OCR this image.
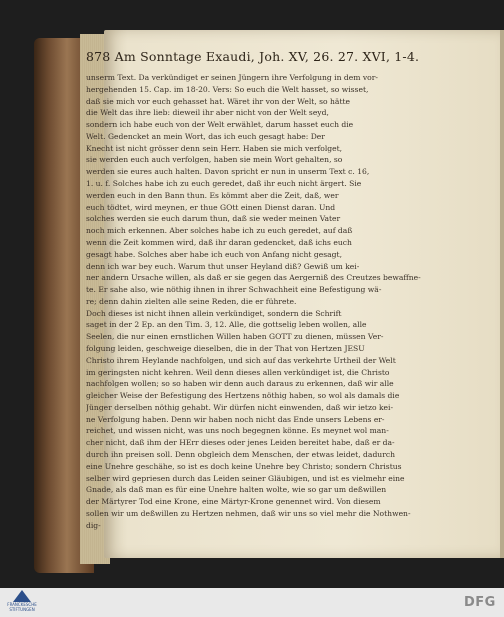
878 Am Sonntage Exaudi, Joh. XV, 26. 27. XVI, 1-4.
unserm Text. Da verkündiget er seinen Jüngern ihre Verfolgung in dem vor-
hergehenden 15. Cap. im 18-20. Vers: So euch die Welt hasset, so wisset,
daß sie mich vor euch gehasset hat. Wäret ihr von der Welt, so hätte
die Welt das ihre lieb: dieweil ihr aber nicht von der Welt seyd,
sondern ich habe euch von der Welt erwählet, darum hasset euch die
Welt. Gedencket an mein Wort, das ich euch gesagt habe: Der
Knecht ist nicht grösser denn sein Herr. Haben sie mich verfolget,
sie werden euch auch verfolgen, haben sie mein Wort gehalten, so
werden sie eures auch halten. Davon spricht er nun in unserm Text c. 16,
1. u. f. Solches habe ich zu euch geredet, daß ihr euch nicht ärgert. Sie
werden euch in den Bann thun. Es kömmt aber die Zeit, daß, wer
euch tödtet, wird meynen, er thue GOtt einen Dienst daran. Und
solches werden sie euch darum thun, daß sie weder meinen Vater
noch mich erkennen. Aber solches habe ich zu euch geredet, auf daß
wenn die Zeit kommen wird, daß ihr daran gedencket, daß ichs euch
gesagt habe. Solches aber habe ich euch von Anfang nicht gesagt,
denn ich war bey euch. Warum thut unser Heyland diß? Gewiß um kei-
ner andern Ursache willen, als daß er sie gegen das Aergerniß des Creutzes bewaffne-
te. Er sahe also, wie nöthig ihnen in ihrer Schwachheit eine Befestigung wä-
re; denn dahin zielten alle seine Reden, die er führete.
Doch dieses ist nicht ihnen allein verkündiget, sondern die Schrift
saget in der 2 Ep. an den Tim. 3, 12. Alle, die gottselig leben wollen, alle
Seelen, die nur einen ernstlichen Willen haben GOTT zu dienen, müssen Ver-
folgung leiden, geschweige dieselben, die in der That von Hertzen JESU
Christo ihrem Heylande nachfolgen, und sich auf das verkehrte Urtheil der Welt
im geringsten nicht kehren. Weil denn dieses allen verkündiget ist, die Christo
nachfolgen wollen; so so haben wir denn auch daraus zu erkennen, daß wir alle
gleicher Weise der Befestigung des Hertzens nöthig haben, so wol als damals die
Jünger derselben nöthig gehabt. Wir dürfen nicht einwenden, daß wir ietzo kei-
ne Verfolgung haben. Denn wir haben noch nicht das Ende unsers Lebens er-
reichet, und wissen nicht, was uns noch begegnen könne. Es meynet wol man-
cher nicht, daß ihm der HErr dieses oder jenes Leiden bereitet habe, daß er da-
durch ihn preisen soll. Denn obgleich dem Menschen, der etwas leidet, dadurch
eine Unehre geschähe, so ist es doch keine Unehre bey Christo; sondern Christus
selber wird gepriesen durch das Leiden seiner Gläubigen, und ist es vielmehr eine
Gnade, als daß man es für eine Unehre halten wolte, wie so gar um deßwillen
der Märtyrer Tod eine Krone, eine Märtyr-Krone genennet wird. Von diesem
sollen wir um deßwillen zu Hertzen nehmen, daß wir uns so viel mehr die Nothwen-
dig-
FRANCKESCHE STIFTUNGEN	DFG
